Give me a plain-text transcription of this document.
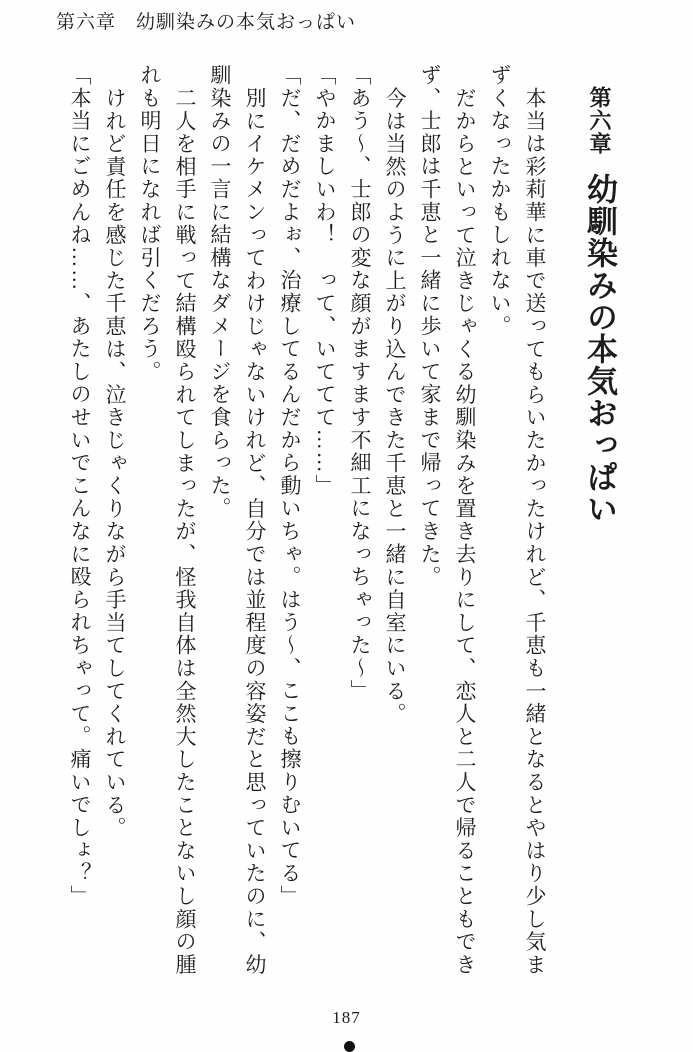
第六章　幼馴染みの本気おっぱい
第六章幼馴染みの本気おっぱい
本当は彩莉華に車で送ってもらいたかったけれど、千恵も一緒となるとやはり少し気ま
ずくなったかもしれない。
だからといって泣きじゃくる幼馴染みを置き去りにして、恋人と二人で帰ることもでき
ず、士郎は千恵と一緒に歩いて家まで帰ってきた。
今は当然のように上がり込んできた千恵と一緒に自室にいる。
「あう～、士郎の変な顔がますます不細工になっちゃった～」
「やかましいわ！　って、いててて……」
「だ、だめだよぉ、治療してるんだから動いちゃ。はう～、ここも擦りむいてる」
別にイケメンってわけじゃないけれど、自分では並程度の容姿だと思っていたのに、幼
馴染みの一言に結構なダメージを食らった。
二人を相手に戦って結構殴られてしまったが、怪我自体は全然大したことないし顔の腫
れも明日になれば引くだろう。
けれど責任を感じた千恵は、泣きじゃくりながら手当てしてくれている。
「本当にごめんね……、あたしのせいでこんなに殴られちゃって。痛いでしょ？」
187
